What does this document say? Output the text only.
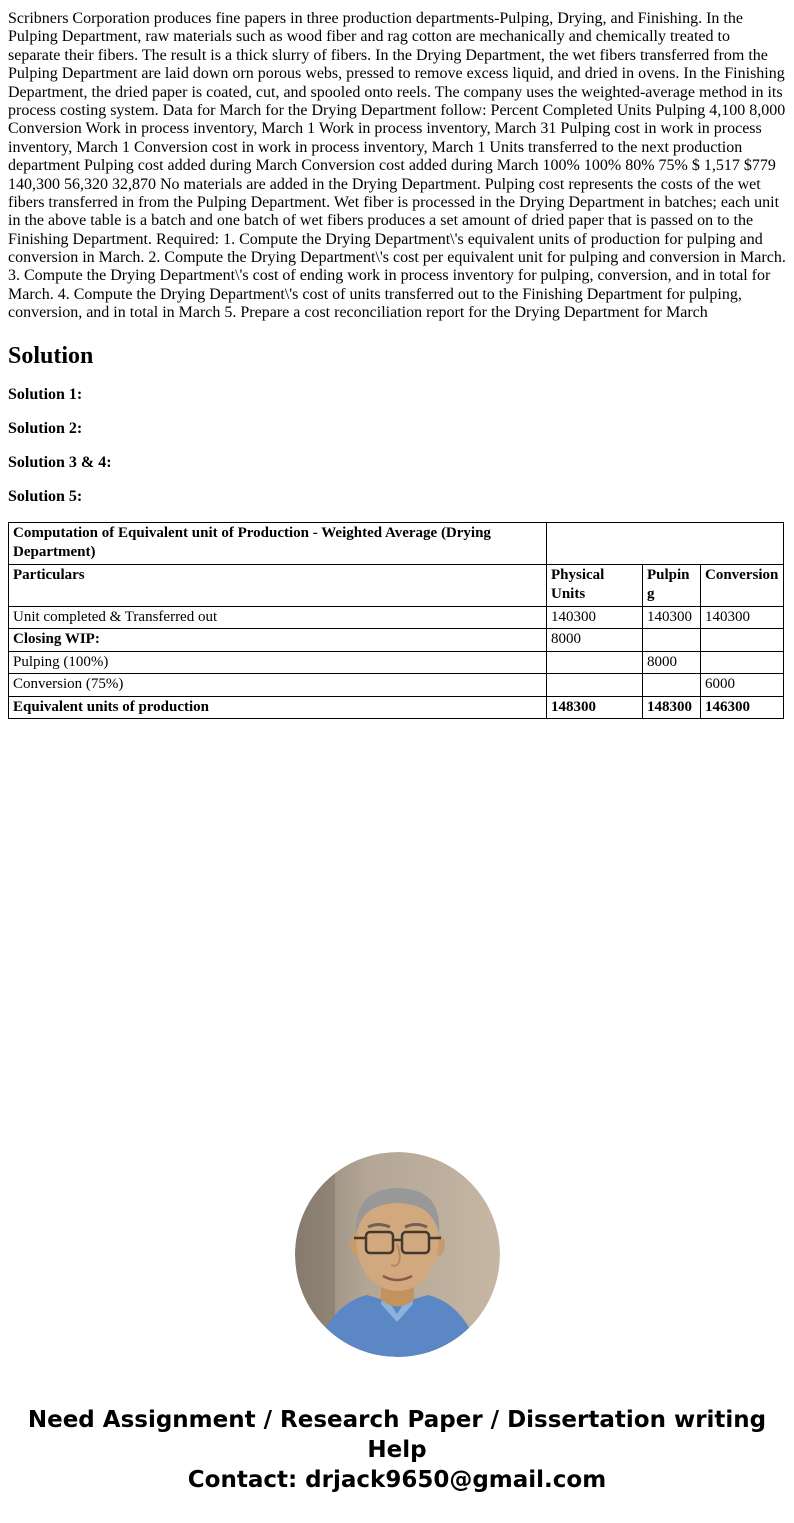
Scribners Corporation produces fine papers in three production departments-Pulping, Drying, and Finishing. In the Pulping Department, raw materials such as wood fiber and rag cotton are mechanically and chemically treated to separate their fibers. The result is a thick slurry of fibers. In the Drying Department, the wet fibers transferred from the Pulping Department are laid down orn porous webs, pressed to remove excess liquid, and dried in ovens. In the Finishing Department, the dried paper is coated, cut, and spooled onto reels. The company uses the weighted-average method in its process costing system. Data for March for the Drying Department follow: Percent Completed Units Pulping 4,100 8,000 Conversion Work in process inventory, March 1 Work in process inventory, March 31 Pulping cost in work in process inventory, March 1 Conversion cost in work in process inventory, March 1 Units transferred to the next production department Pulping cost added during March Conversion cost added during March 100% 100% 80% 75% $ 1,517 $779 140,300 56,320 32,870 No materials are added in the Drying Department. Pulping cost represents the costs of the wet fibers transferred in from the Pulping Department. Wet fiber is processed in the Drying Department in batches; each unit in the above table is a batch and one batch of wet fibers produces a set amount of dried paper that is passed on to the Finishing Department. Required: 1. Compute the Drying Department\'s equivalent units of production for pulping and conversion in March. 2. Compute the Drying Department\'s cost per equivalent unit for pulping and conversion in March. 3. Compute the Drying Department\'s cost of ending work in process inventory for pulping, conversion, and in total for March. 4. Compute the Drying Department\'s cost of units transferred out to the Finishing Department for pulping, conversion, and in total in March 5. Prepare a cost reconciliation report for the Drying Department for March

Solution
Solution 1:
Solution 2:
Solution 3 & 4:
Solution 5:
Computation of Equivalent unit of Production - Weighted Average (Drying Department)			
Particulars	Physical Units	Pulping	Conversion
Unit completed & Transferred out	140300	140300	140300
Closing WIP:	8000		
Pulping (100%)		8000	
Conversion (75%)			6000
Equivalent units of production	148300	148300	146300
Need Assignment / Research Paper / Dissertation writing Help
Contact: drjack9650@gmail.com
